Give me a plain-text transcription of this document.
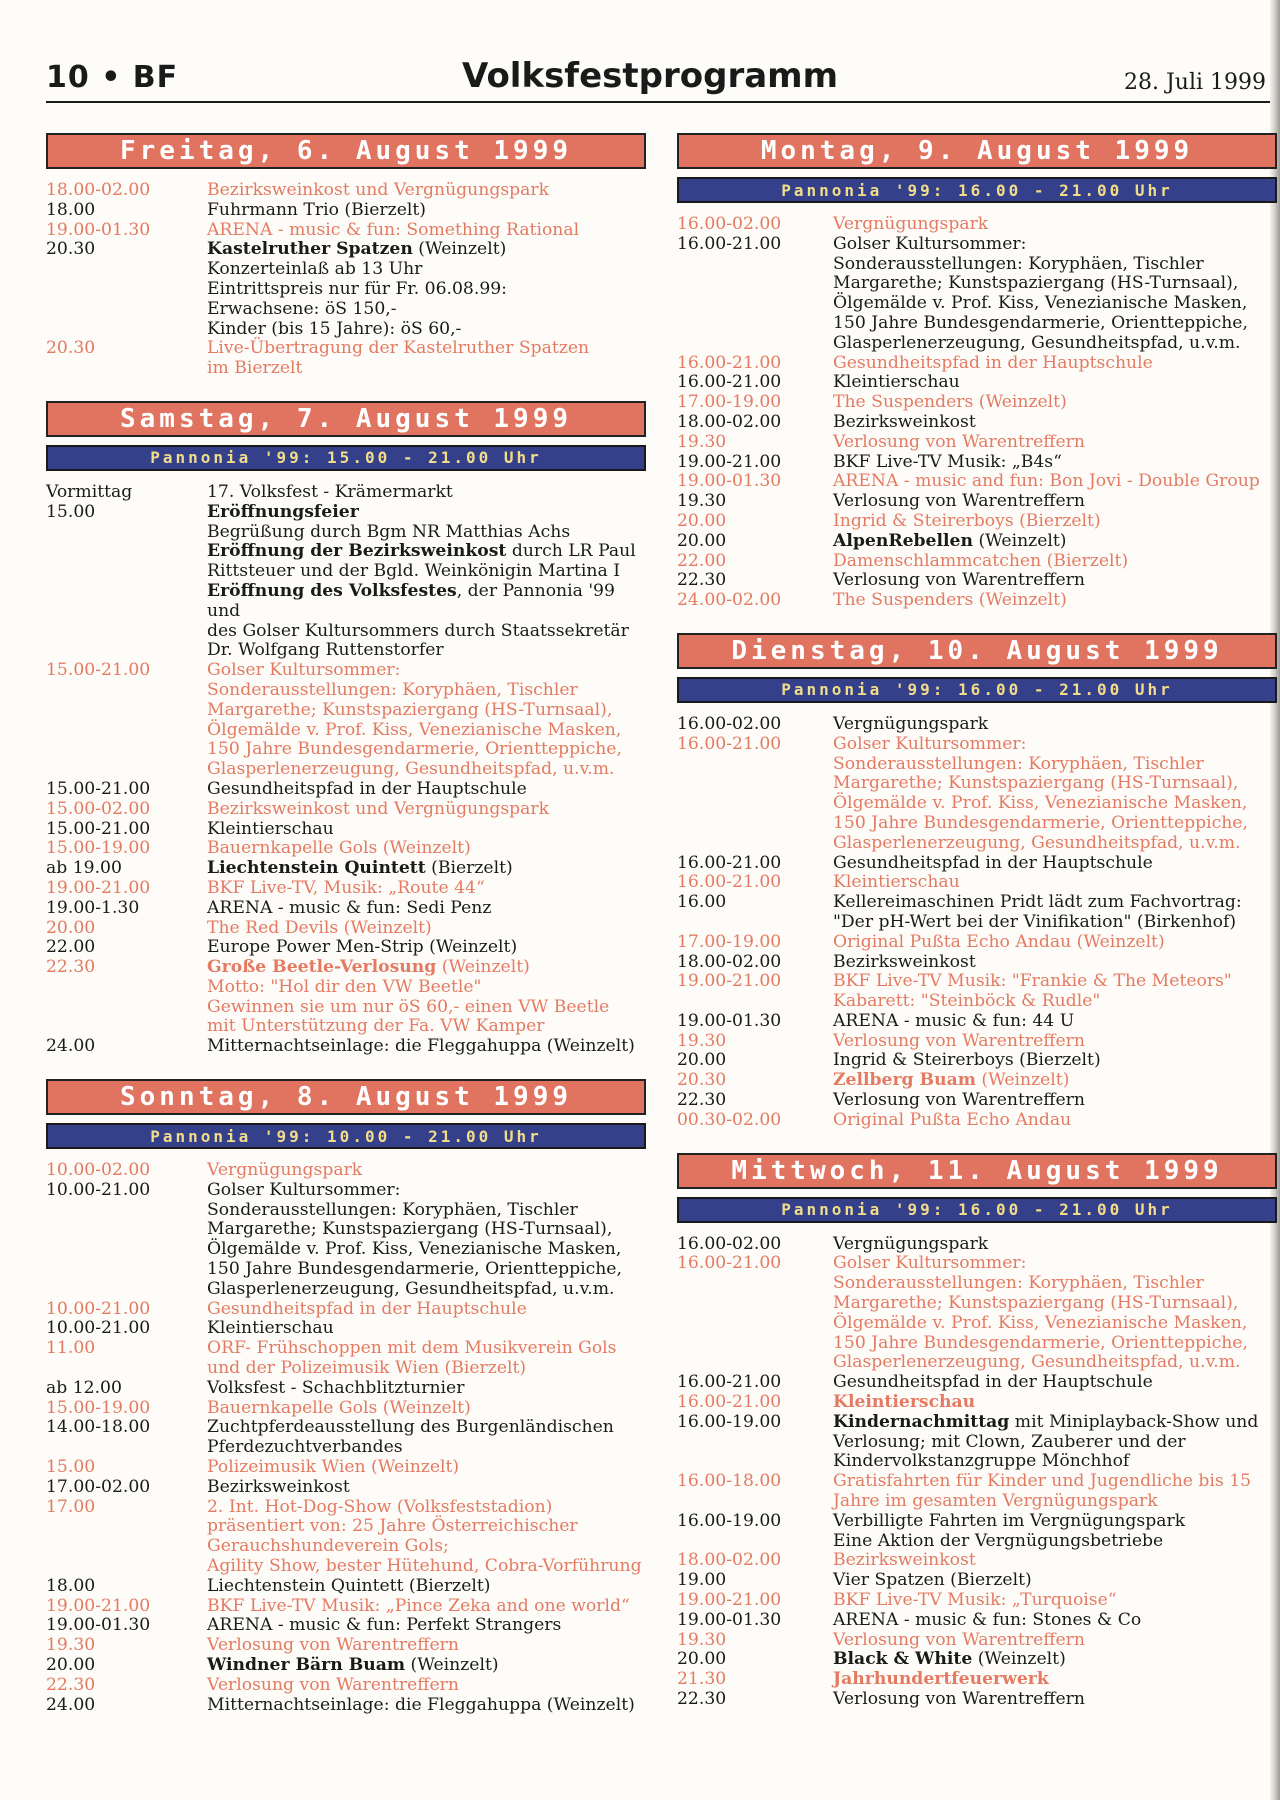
10 • BF	Volksfestprogramm	28. Juli 1999
Freitag, 6. August 1999
18.00-02.00	Bezirksweinkost und Vergnügungspark
18.00	Fuhrmann Trio (Bierzelt)
19.00-01.30	ARENA - music & fun: Something Rational
20.30	Kastelruther Spatzen (Weinzelt)
Konzerteinlaß ab 13 Uhr
Eintrittspreis nur für Fr. 06.08.99:
Erwachsene: öS 150,-
Kinder (bis 15 Jahre): öS 60,-
20.30	Live-Übertragung der Kastelruther Spatzen
im Bierzelt
Samstag, 7. August 1999
Pannonia '99: 15.00 - 21.00 Uhr
Vormittag	17. Volksfest - Krämermarkt
15.00	Eröffnungsfeier
Begrüßung durch Bgm NR Matthias Achs
Eröffnung der Bezirksweinkost durch LR Paul
Rittsteuer und der Bgld. Weinkönigin Martina I
Eröffnung des Volksfestes, der Pannonia '99 und
des Golser Kultursommers durch Staatssekretär
Dr. Wolfgang Ruttenstorfer
15.00-21.00	Golser Kultursommer:
Sonderausstellungen: Koryphäen, Tischler
Margarethe; Kunstspaziergang (HS-Turnsaal),
Ölgemälde v. Prof. Kiss, Venezianische Masken,
150 Jahre Bundesgendarmerie, Orientteppiche,
Glasperlenerzeugung, Gesundheitspfad, u.v.m.
15.00-21.00	Gesundheitspfad in der Hauptschule
15.00-02.00	Bezirksweinkost und Vergnügungspark
15.00-21.00	Kleintierschau
15.00-19.00	Bauernkapelle Gols (Weinzelt)
ab 19.00	Liechtenstein Quintett (Bierzelt)
19.00-21.00	BKF Live-TV, Musik: „Route 44“
19.00-1.30	ARENA - music & fun: Sedi Penz
20.00	The Red Devils (Weinzelt)
22.00	Europe Power Men-Strip (Weinzelt)
22.30	Große Beetle-Verlosung (Weinzelt)
Motto: "Hol dir den VW Beetle"
Gewinnen sie um nur öS 60,- einen VW Beetle
mit Unterstützung der Fa. VW Kamper
24.00	Mitternachtseinlage: die Fleggahuppa (Weinzelt)
Sonntag, 8. August 1999
Pannonia '99: 10.00 - 21.00 Uhr
10.00-02.00	Vergnügungspark
10.00-21.00	Golser Kultursommer:
Sonderausstellungen: Koryphäen, Tischler
Margarethe; Kunstspaziergang (HS-Turnsaal),
Ölgemälde v. Prof. Kiss, Venezianische Masken,
150 Jahre Bundesgendarmerie, Orientteppiche,
Glasperlenerzeugung, Gesundheitspfad, u.v.m.
10.00-21.00	Gesundheitspfad in der Hauptschule
10.00-21.00	Kleintierschau
11.00	ORF- Frühschoppen mit dem Musikverein Gols
und der Polizeimusik Wien (Bierzelt)
ab 12.00	Volksfest - Schachblitzturnier
15.00-19.00	Bauernkapelle Gols (Weinzelt)
14.00-18.00	Zuchtpferdeausstellung des Burgenländischen
Pferdezuchtverbandes
15.00	Polizeimusik Wien (Weinzelt)
17.00-02.00	Bezirksweinkost
17.00	2. Int. Hot-Dog-Show (Volksfeststadion)
präsentiert von: 25 Jahre Österreichischer
Gerauchshundeverein Gols;
Agility Show, bester Hütehund, Cobra-Vorführung
18.00	Liechtenstein Quintett (Bierzelt)
19.00-21.00	BKF Live-TV Musik: „Pince Zeka and one world“
19.00-01.30	ARENA - music & fun: Perfekt Strangers
19.30	Verlosung von Warentreffern
20.00	Windner Bärn Buam (Weinzelt)
22.30	Verlosung von Warentreffern
24.00	Mitternachtseinlage: die Fleggahuppa (Weinzelt)
Montag, 9. August 1999
Pannonia '99: 16.00 - 21.00 Uhr
16.00-02.00	Vergnügungspark
16.00-21.00	Golser Kultursommer:
Sonderausstellungen: Koryphäen, Tischler
Margarethe; Kunstspaziergang (HS-Turnsaal),
Ölgemälde v. Prof. Kiss, Venezianische Masken,
150 Jahre Bundesgendarmerie, Orientteppiche,
Glasperlenerzeugung, Gesundheitspfad, u.v.m.
16.00-21.00	Gesundheitspfad in der Hauptschule
16.00-21.00	Kleintierschau
17.00-19.00	The Suspenders (Weinzelt)
18.00-02.00	Bezirksweinkost
19.30	Verlosung von Warentreffern
19.00-21.00	BKF Live-TV Musik: „B4s“
19.00-01.30	ARENA - music and fun: Bon Jovi - Double Group
19.30	Verlosung von Warentreffern
20.00	Ingrid & Steirerboys (Bierzelt)
20.00	AlpenRebellen (Weinzelt)
22.00	Damenschlammcatchen (Bierzelt)
22.30	Verlosung von Warentreffern
24.00-02.00	The Suspenders (Weinzelt)
Dienstag, 10. August 1999
Pannonia '99: 16.00 - 21.00 Uhr
16.00-02.00	Vergnügungspark
16.00-21.00	Golser Kultursommer:
Sonderausstellungen: Koryphäen, Tischler
Margarethe; Kunstspaziergang (HS-Turnsaal),
Ölgemälde v. Prof. Kiss, Venezianische Masken,
150 Jahre Bundesgendarmerie, Orientteppiche,
Glasperlenerzeugung, Gesundheitspfad, u.v.m.
16.00-21.00	Gesundheitspfad in der Hauptschule
16.00-21.00	Kleintierschau
16.00	Kellereimaschinen Pridt lädt zum Fachvortrag:
"Der pH-Wert bei der Vinifikation" (Birkenhof)
17.00-19.00	Original Pußta Echo Andau (Weinzelt)
18.00-02.00	Bezirksweinkost
19.00-21.00	BKF Live-TV Musik: "Frankie & The Meteors"
Kabarett: "Steinböck & Rudle"
19.00-01.30	ARENA - music & fun: 44 U
19.30	Verlosung von Warentreffern
20.00	Ingrid & Steirerboys (Bierzelt)
20.30	Zellberg Buam (Weinzelt)
22.30	Verlosung von Warentreffern
00.30-02.00	Original Pußta Echo Andau
Mittwoch, 11. August 1999
Pannonia '99: 16.00 - 21.00 Uhr
16.00-02.00	Vergnügungspark
16.00-21.00	Golser Kultursommer:
Sonderausstellungen: Koryphäen, Tischler
Margarethe; Kunstspaziergang (HS-Turnsaal),
Ölgemälde v. Prof. Kiss, Venezianische Masken,
150 Jahre Bundesgendarmerie, Orientteppiche,
Glasperlenerzeugung, Gesundheitspfad, u.v.m.
16.00-21.00	Gesundheitspfad in der Hauptschule
16.00-21.00	Kleintierschau
16.00-19.00	Kindernachmittag mit Miniplayback-Show und
Verlosung; mit Clown, Zauberer und der
Kindervolkstanzgruppe Mönchhof
16.00-18.00	Gratisfahrten für Kinder und Jugendliche bis 15
Jahre im gesamten Vergnügungspark
16.00-19.00	Verbilligte Fahrten im Vergnügungspark
Eine Aktion der Vergnügungsbetriebe
18.00-02.00	Bezirksweinkost
19.00	Vier Spatzen (Bierzelt)
19.00-21.00	BKF Live-TV Musik: „Turquoise“
19.00-01.30	ARENA - music & fun: Stones & Co
19.30	Verlosung von Warentreffern
20.00	Black & White (Weinzelt)
21.30	Jahrhundertfeuerwerk
22.30	Verlosung von Warentreffern
